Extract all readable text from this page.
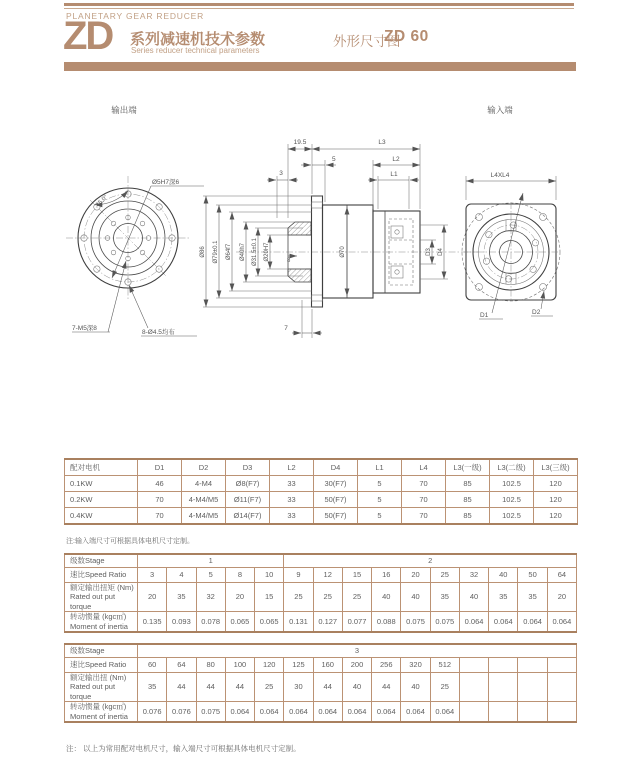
PLANETARY GEAR REDUCER
ZD 系列减速机技术参数
Series reducer technical parameters
外形尺寸图
ZD 60
输出端	输入端
45.0°
Ø5H7深6
7-M5深8
8-Ø4.5均布
Ø86 Ø79±0.1 Ø64f7 Ø40h7 Ø31.5±0.1 Ø20H7	8
Ø70
19.5	L3
5	L2
3	L1
7
D3 D4
L4XL4
D1	D2
配对电机	D1	D2	D3	L2	D4	L1	L4	L3(一级)	L3(二级)	L3(三级)
0.1KW	46	4-M4	Ø8(F7)	33	30(F7)	5	70	85	102.5	120
0.2KW	70	4-M4/M5	Ø11(F7)	33	50(F7)	5	70	85	102.5	120
0.4KW	70	4-M4/M5	Ø14(F7)	33	50(F7)	5	70	85	102.5	120
注:输入端尺寸可根据具体电机尺寸定制。
级数Stage	1					2									
速比Speed Ratio	3	4	5	8	10	9	12	15	16	20	25	32	40	50	64

额定输出扭矩 (Nm)
Rated out put torque	20	35	32	20	15	25	25	25	40	40	35	40	35	35	20

转动惯量 (kgc㎡)
Moment of inertia	0.135	0.093	0.078	0.065	0.065	0.131	0.127	0.077	0.088	0.075	0.075	0.064	0.064	0.064	0.064
级数Stage	3														
速比Speed Ratio	60	64	80	100	120	125	160	200	256	320	512				

额定输出扭 (Nm)
Rated out put torque	35	44	44	44	25	30	44	40	44	40	25				

转动惯量 (kgc㎡)
Moment of inertia	0.076	0.076	0.075	0.064	0.064	0.064	0.064	0.064	0.064	0.064	0.064				
注： 以上为常用配对电机尺寸，输入端尺寸可根据具体电机尺寸定制。
